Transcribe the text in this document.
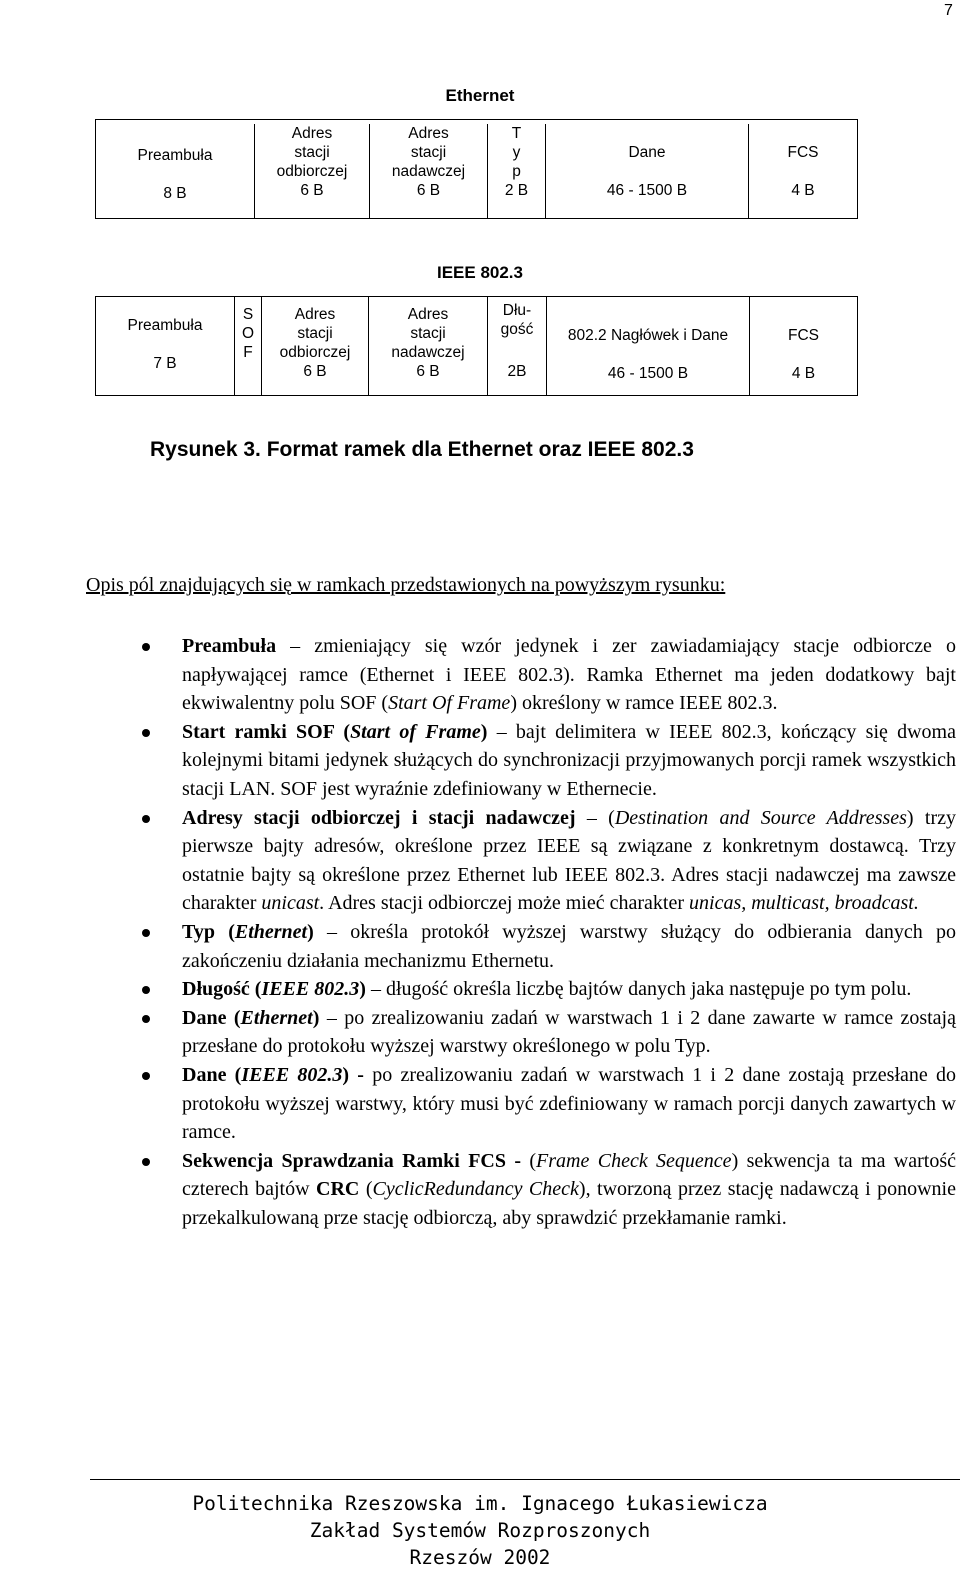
7
Ethernet
Preambuła
8 B
Adres
stacji
odbiorczej
6 B
Adres
stacji
nadawczej
6 B
T
y
p
2 B
Dane
46 - 1500 B
FCS
4 B
IEEE 802.3
Preambuła
7 B
S
O
F
Adres
stacji
odbiorczej
6 B
Adres
stacji
nadawczej
6 B
Dłu-
gość
2B
802.2 Nagłówek i Dane
46 - 1500 B
FCS
4 B
Rysunek 3. Format ramek dla Ethernet oraz IEEE 802.3
Opis pól znajdujących się w ramkach przedstawionych na powyższym rysunku:
Preambuła – zmieniający się wzór jedynek i zer zawiadamiający stacje odbiorcze o napływającej ramce (Ethernet i IEEE 802.3). Ramka Ethernet ma jeden dodatkowy bajt ekwiwalentny polu SOF (Start Of Frame) określony w ramce IEEE 802.3.
Start ramki SOF (Start of Frame) – bajt delimitera w IEEE 802.3, kończący się dwoma kolejnymi bitami jedynek służących do synchronizacji przyjmowanych porcji ramek wszystkich stacji LAN. SOF jest wyraźnie zdefiniowany w Ethernecie.
Adresy stacji odbiorczej i stacji nadawczej – (Destination and Source Addresses) trzy pierwsze bajty adresów, określone przez IEEE są związane z konkretnym dostawcą. Trzy ostatnie bajty są określone przez Ethernet lub IEEE 802.3. Adres stacji nadawczej ma zawsze charakter unicast. Adres stacji odbiorczej może mieć charakter unicas, multicast, broadcast.
Typ (Ethernet) – określa protokół wyższej warstwy służący do odbierania danych po zakończeniu działania mechanizmu Ethernetu.
Długość (IEEE 802.3) – długość określa liczbę bajtów danych jaka następuje po tym polu.
Dane (Ethernet) – po zrealizowaniu zadań w warstwach 1 i 2 dane zawarte w ramce zostają przesłane do protokołu wyższej warstwy określonego w polu Typ.
Dane (IEEE 802.3) - po zrealizowaniu zadań w warstwach 1 i 2 dane zostają przesłane do protokołu wyższej warstwy, który musi być zdefiniowany w ramach porcji danych zawartych w ramce.
Sekwencja Sprawdzania Ramki FCS - (Frame Check Sequence) sekwencja ta ma wartość czterech bajtów CRC (CyclicRedundancy Check), tworzoną przez stację nadawczą i ponownie przekalkulowaną prze stację odbiorczą, aby sprawdzić przekłamanie ramki.
Politechnika Rzeszowska im. Ignacego Łukasiewicza
Zakład Systemów Rozproszonych
Rzeszów 2002
